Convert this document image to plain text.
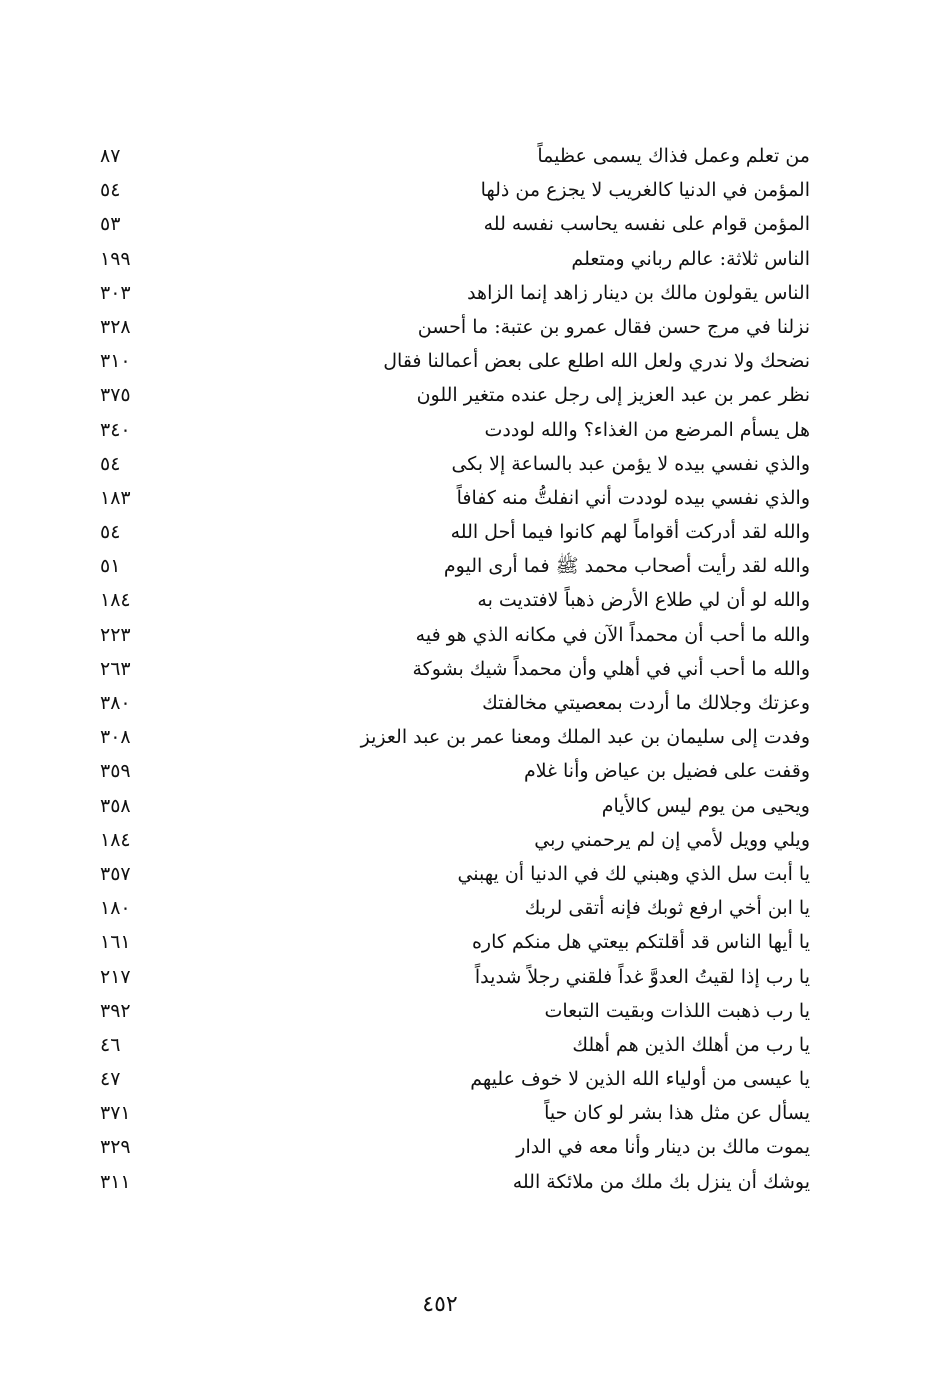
من تعلم وعمل فذاك يسمى عظيماً
٨٧
المؤمن في الدنيا كالغريب لا يجزع من ذلها
٥٤
المؤمن قوام على نفسه يحاسب نفسه لله
٥٣
الناس ثلاثة: عالم رباني ومتعلم
١٩٩
الناس يقولون مالك بن دينار زاهد إنما الزاهد
٣٠٣
نزلنا في مرج حسن فقال عمرو بن عتبة: ما أحسن
٣٢٨
نضحك ولا ندري ولعل الله اطلع على بعض أعمالنا فقال
٣١٠
نظر عمر بن عبد العزيز إلى رجل عنده متغير اللون
٣٧٥
هل يسأم المرضع من الغذاء؟ والله لوددت
٣٤٠
والذي نفسي بيده لا يؤمن عبد بالساعة إلا بكى
٥٤
والذي نفسي بيده لوددت أني انفلتُّ منه كفافاً
١٨٣
والله لقد أدركت أقواماً لهم كانوا فيما أحل الله
٥٤
والله لقد رأيت أصحاب محمد ﷺ فما أرى اليوم
٥١
والله لو أن لي طلاع الأرض ذهباً لافتديت به
١٨٤
والله ما أحب أن محمداً الآن في مكانه الذي هو فيه
٢٢٣
والله ما أحب أني في أهلي وأن محمداً شيك بشوكة
٢٦٣
وعزتك وجلالك ما أردت بمعصيتي مخالفتك
٣٨٠
وفدت إلى سليمان بن عبد الملك ومعنا عمر بن عبد العزيز
٣٠٨
وقفت على فضيل بن عياض وأنا غلام
٣٥٩
ويحيى من يوم ليس كالأيام
٣٥٨
ويلي وويل لأمي إن لم يرحمني ربي
١٨٤
يا أبت سل الذي وهبني لك في الدنيا أن يهبني
٣٥٧
يا ابن أخي ارفع ثوبك فإنه أتقى لربك
١٨٠
يا أيها الناس قد أقلتكم بيعتي هل منكم كاره
١٦١
يا رب إذا لقيتُ العدوَّ غداً فلقني رجلاً شديداً
٢١٧
يا رب ذهبت اللذات وبقيت التبعات
٣٩٢
يا رب من أهلك الذين هم أهلك
٤٦
يا عيسى من أولياء الله الذين لا خوف عليهم
٤٧
يسأل عن مثل هذا بشر لو كان حياً
٣٧١
يموت مالك بن دينار وأنا معه في الدار
٣٢٩
يوشك أن ينزل بك ملك من ملائكة الله
٣١١
٤٥٢
